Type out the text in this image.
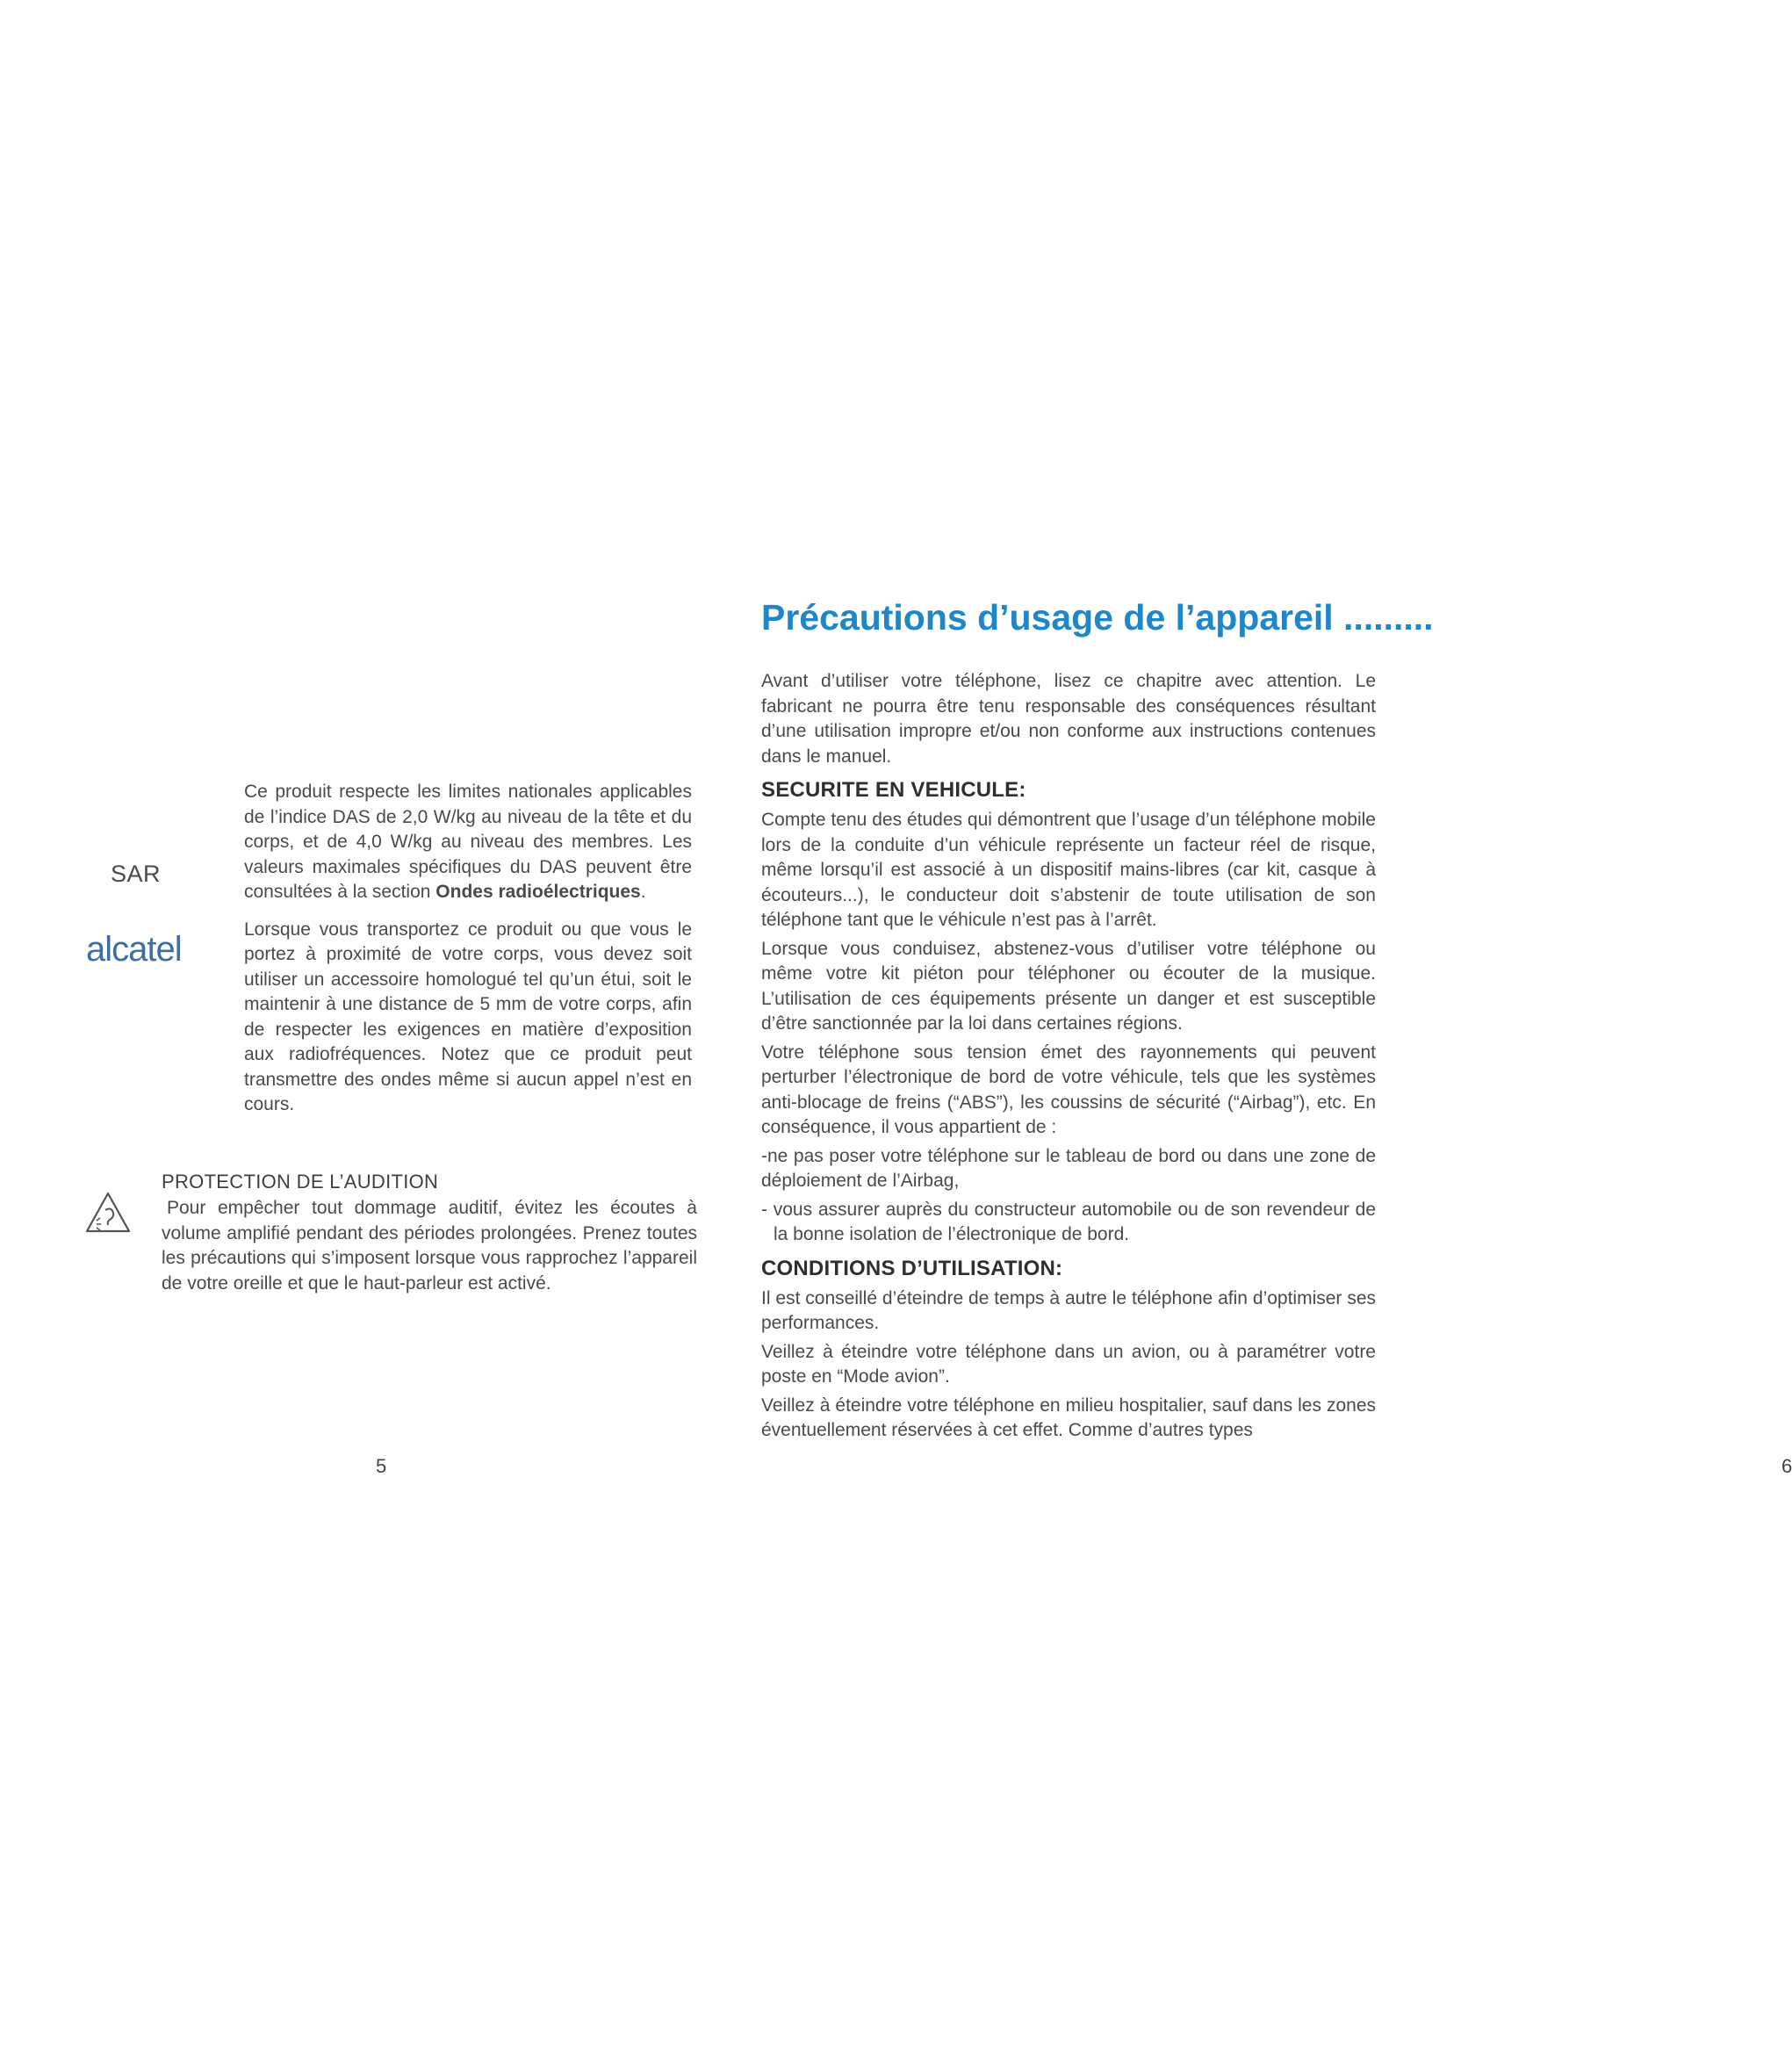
SAR
alcatel

Ce produit respecte les limites nationales applicables de l’indice DAS de 2,0 W/kg au niveau de la tête et du corps, et de 4,0 W/kg au niveau des membres. Les valeurs maximales spécifiques du DAS peuvent être consultées à la section Ondes radioélectriques.

Lorsque vous transportez ce produit ou que vous le portez à proximité de votre corps, vous devez soit utiliser un accessoire homologué tel qu’un étui, soit le maintenir à une distance de 5 mm de votre corps, afin de respecter les exigences en matière d’exposition aux radiofréquences. Notez que ce produit peut transmettre des ondes même si aucun appel n’est en cours.

PROTECTION DE L’AUDITION

Pour empêcher tout dommage auditif, évitez les écoutes à volume amplifié pendant des périodes prolongées. Prenez toutes les précautions qui s’imposent lorsque vous rapprochez l’appareil de votre oreille et que le haut-parleur est activé.

5
Précautions d’usage de l’appareil .........

Avant d’utiliser votre téléphone, lisez ce chapitre avec attention. Le fabricant ne pourra être tenu responsable des conséquences résultant d’une utilisation impropre et/ou non conforme aux instructions contenues dans le manuel.

SECURITE EN VEHICULE:

Compte tenu des études qui démontrent que l’usage d’un téléphone mobile lors de la conduite d’un véhicule représente un facteur réel de risque, même lorsqu’il est associé à un dispositif mains-libres (car kit, casque à écouteurs...), le conducteur doit s’abstenir de toute utilisation de son téléphone tant que le véhicule n’est pas à l’arrêt.

Lorsque vous conduisez, abstenez-vous d’utiliser votre téléphone ou même votre kit piéton pour téléphoner ou écouter de la musique. L’utilisation de ces équipements présente un danger et est susceptible d’être sanctionnée par la loi dans certaines régions.

Votre téléphone sous tension émet des rayonnements qui peuvent perturber l’électronique de bord de votre véhicule, tels que les systèmes anti-blocage de freins (“ABS”), les coussins de sécurité (“Airbag”), etc. En conséquence, il vous appartient de :

-ne pas poser votre téléphone sur le tableau de bord ou dans une zone de déploiement de l’Airbag,

- vous assurer auprès du constructeur automobile ou de son revendeur de la bonne isolation de l’électronique de bord.

CONDITIONS D’UTILISATION:

Il est conseillé d’éteindre de temps à autre le téléphone afin d’optimiser ses performances.

Veillez à éteindre votre téléphone dans un avion, ou à paramétrer votre poste en “Mode avion”.

Veillez à éteindre votre téléphone en milieu hospitalier, sauf dans les zones éventuellement réservées à cet effet. Comme d’autres types

6
